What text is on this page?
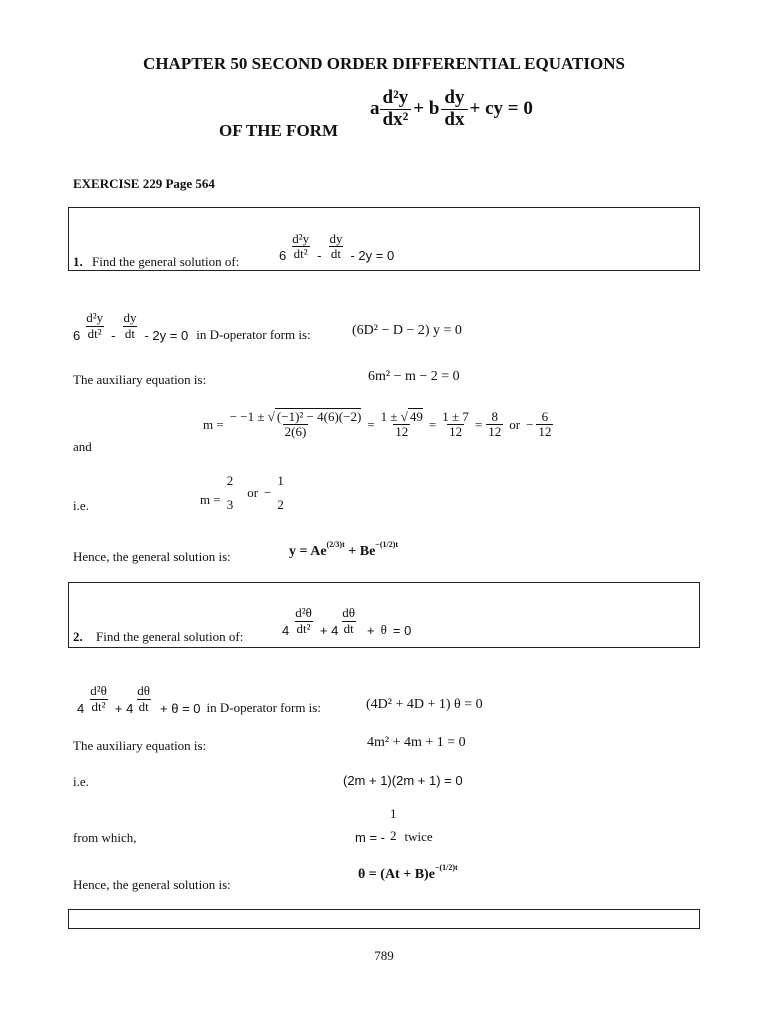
CHAPTER 50 SECOND ORDER DIFFERENTIAL EQUATIONS
OF THE FORM
a $\frac{\text{d²y}}{\text{dx²}} + b \frac{dy}{dx}$ + cy = 0
EXERCISE 229 Page 564
1. Find the general solution of:	$6 \frac{\text{d²y}}{\text{dt²}} - \frac{dy}{dt} - 2y = 0$
$6 \frac{\text{d²y}}{\text{dt²}} - \frac{dy}{dt} - 2y = 0$ in D-operator form is:	(6D² − D − 2) y = 0
The auxiliary equation is:	6m² − m − 2 = 0
and
$m = \frac{\text{− −1 ± √ (−1)² − 4(6)(−2)}}{2(6)} = \frac{1 \pm √ 49}{12} = \frac{1 \pm 7}{12} = \frac{8}{12}$ or − $\frac{6}{12}$
i.e.	m =
2
3
or −
1
2
Hence, the general solution is:	y = Ae(2/3)t + Be−(1/2)t
2. Find the general solution of:	$4 \frac{\text{d²θ}}{\text{dt²}} + 4 \frac{d\theta}{dt} + \theta = 0$
$4 \frac{\text{d²θ}}{\text{dt²}} + 4 \frac{d\theta}{dt} + \theta = 0$ in D-operator form is:	(4D² + 4D + 1) θ = 0
The auxiliary equation is:	4m² + 4m + 1 = 0
i.e.	(2m + 1)(2m + 1) = 0
from which,	m = -
1
2 twice
Hence, the general solution is:
θ = (At + B)e−(1/2)t
789
